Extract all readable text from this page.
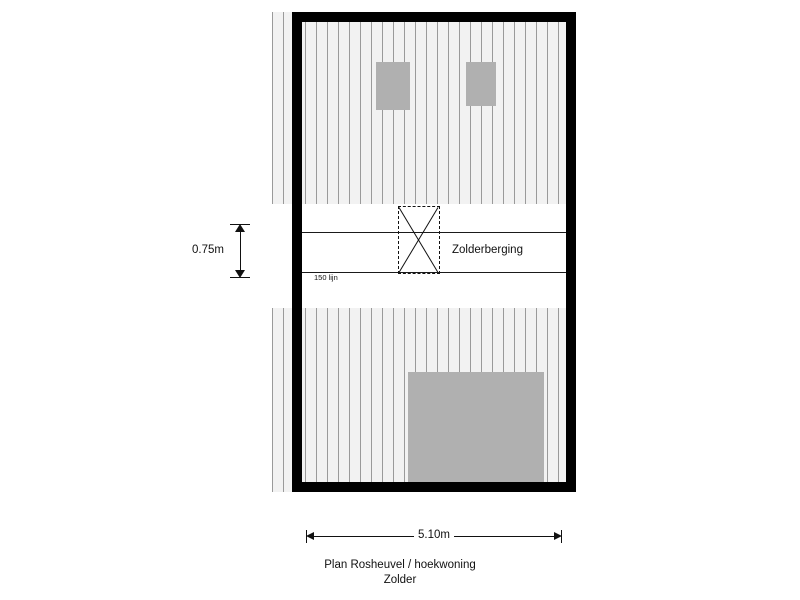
Zolderberging
150 lijn
0.75m
5.10m
Plan Rosheuvel / hoekwoning
Zolder
